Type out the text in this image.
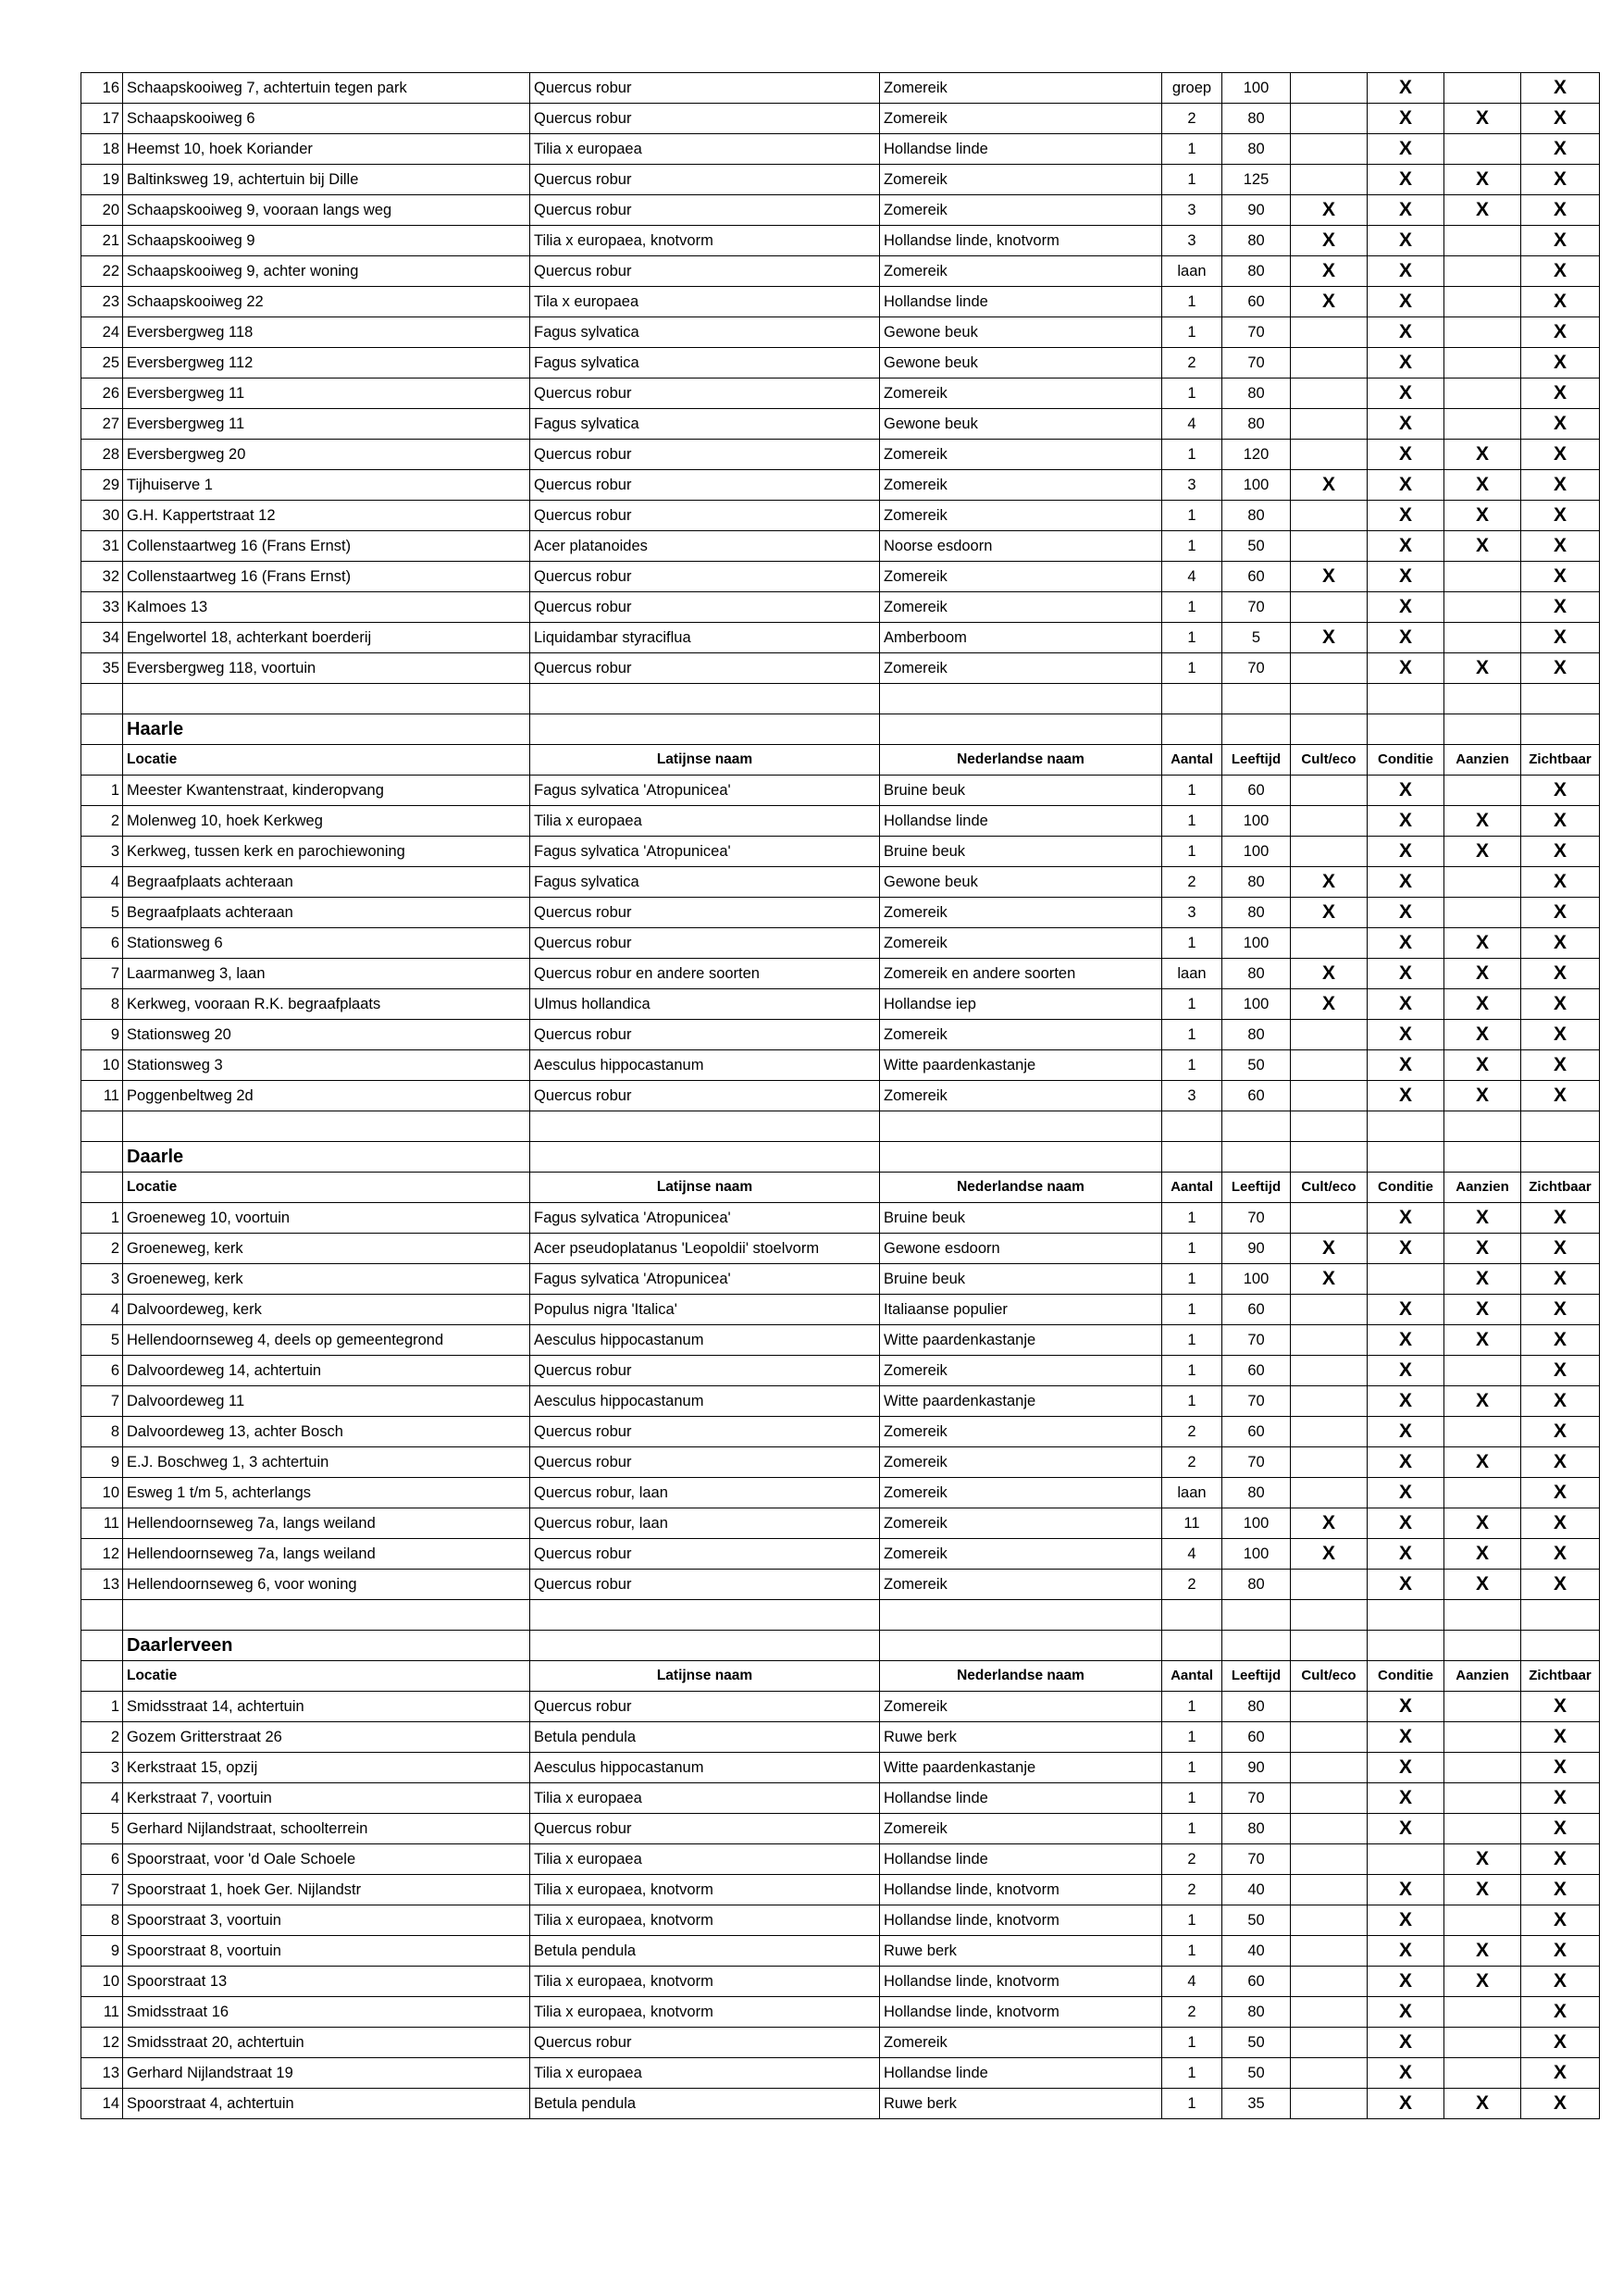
16	Schaapskooiweg 7, achtertuin tegen park	Quercus robur	Zomereik	groep	100		X		X
17	Schaapskooiweg 6	Quercus robur	Zomereik	2	80		X	X	X
18	Heemst 10, hoek Koriander	Tilia x europaea	Hollandse linde	1	80		X		X
19	Baltinksweg 19, achtertuin bij Dille	Quercus robur	Zomereik	1	125		X	X	X
20	Schaapskooiweg 9, vooraan langs weg	Quercus robur	Zomereik	3	90	X	X	X	X
21	Schaapskooiweg 9	Tilia x europaea, knotvorm	Hollandse linde, knotvorm	3	80	X	X		X
22	Schaapskooiweg 9, achter woning	Quercus robur	Zomereik	laan	80	X	X		X
23	Schaapskooiweg 22	Tila x europaea	Hollandse linde	1	60	X	X		X
24	Eversbergweg 118	Fagus sylvatica	Gewone beuk	1	70		X		X
25	Eversbergweg 112	Fagus sylvatica	Gewone beuk	2	70		X		X
26	Eversbergweg 11	Quercus robur	Zomereik	1	80		X		X
27	Eversbergweg 11	Fagus sylvatica	Gewone beuk	4	80		X		X
28	Eversbergweg 20	Quercus robur	Zomereik	1	120		X	X	X
29	Tijhuiserve 1	Quercus robur	Zomereik	3	100	X	X	X	X
30	G.H. Kappertstraat 12	Quercus robur	Zomereik	1	80		X	X	X
31	Collenstaartweg 16 (Frans Ernst)	Acer platanoides	Noorse esdoorn	1	50		X	X	X
32	Collenstaartweg 16 (Frans Ernst)	Quercus robur	Zomereik	4	60	X	X		X
33	Kalmoes 13	Quercus robur	Zomereik	1	70		X		X
34	Engelwortel 18, achterkant boerderij	Liquidambar styraciflua	Amberboom	1	5	X	X		X
35	Eversbergweg 118, voortuin	Quercus robur	Zomereik	1	70		X	X	X

	Haarle								
	Locatie	Latijnse naam	Nederlandse naam	Aantal	Leeftijd	Cult/eco	Conditie	Aanzien	Zichtbaar
1	Meester Kwantenstraat, kinderopvang	Fagus sylvatica 'Atropunicea'	Bruine beuk	1	60		X		X
2	Molenweg 10, hoek Kerkweg	Tilia x europaea	Hollandse linde	1	100		X	X	X
3	Kerkweg, tussen kerk en parochiewoning	Fagus sylvatica 'Atropunicea'	Bruine beuk	1	100		X	X	X
4	Begraafplaats achteraan	Fagus sylvatica	Gewone beuk	2	80	X	X		X
5	Begraafplaats achteraan	Quercus robur	Zomereik	3	80	X	X		X
6	Stationsweg 6	Quercus robur	Zomereik	1	100		X	X	X
7	Laarmanweg 3, laan	Quercus robur en andere soorten	Zomereik en andere soorten	laan	80	X	X	X	X
8	Kerkweg, vooraan R.K. begraafplaats	Ulmus hollandica	Hollandse iep	1	100	X	X	X	X
9	Stationsweg 20	Quercus robur	Zomereik	1	80		X	X	X
10	Stationsweg 3	Aesculus hippocastanum	Witte paardenkastanje	1	50		X	X	X
11	Poggenbeltweg 2d	Quercus robur	Zomereik	3	60		X	X	X

	Daarle								
	Locatie	Latijnse naam	Nederlandse naam	Aantal	Leeftijd	Cult/eco	Conditie	Aanzien	Zichtbaar
1	Groeneweg 10, voortuin	Fagus sylvatica 'Atropunicea'	Bruine beuk	1	70		X	X	X
2	Groeneweg, kerk	Acer pseudoplatanus 'Leopoldii' stoelvorm	Gewone esdoorn	1	90	X	X	X	X
3	Groeneweg, kerk	Fagus sylvatica 'Atropunicea'	Bruine beuk	1	100	X		X	X
4	Dalvoordeweg, kerk	Populus nigra 'Italica'	Italiaanse populier	1	60		X	X	X
5	Hellendoornseweg 4, deels op gemeentegrond	Aesculus hippocastanum	Witte paardenkastanje	1	70		X	X	X
6	Dalvoordeweg 14, achtertuin	Quercus robur	Zomereik	1	60		X		X
7	Dalvoordeweg 11	Aesculus hippocastanum	Witte paardenkastanje	1	70		X	X	X
8	Dalvoordeweg 13, achter Bosch	Quercus robur	Zomereik	2	60		X		X
9	E.J. Boschweg 1, 3 achtertuin	Quercus robur	Zomereik	2	70		X	X	X
10	Esweg 1 t/m 5, achterlangs	Quercus robur, laan	Zomereik	laan	80		X		X
11	Hellendoornseweg 7a, langs weiland	Quercus robur, laan	Zomereik	11	100	X	X	X	X
12	Hellendoornseweg 7a, langs weiland	Quercus robur	Zomereik	4	100	X	X	X	X
13	Hellendoornseweg 6, voor woning	Quercus robur	Zomereik	2	80		X	X	X

	Daarlerveen								
	Locatie	Latijnse naam	Nederlandse naam	Aantal	Leeftijd	Cult/eco	Conditie	Aanzien	Zichtbaar
1	Smidsstraat 14, achtertuin	Quercus robur	Zomereik	1	80		X		X
2	Gozem Gritterstraat 26	Betula pendula	Ruwe berk	1	60		X		X
3	Kerkstraat 15, opzij	Aesculus hippocastanum	Witte paardenkastanje	1	90		X		X
4	Kerkstraat 7, voortuin	Tilia x europaea	Hollandse linde	1	70		X		X
5	Gerhard Nijlandstraat, schoolterrein	Quercus robur	Zomereik	1	80		X		X
6	Spoorstraat, voor 'd Oale Schoele	Tilia x europaea	Hollandse linde	2	70			X	X
7	Spoorstraat 1, hoek Ger. Nijlandstr	Tilia x europaea, knotvorm	Hollandse linde, knotvorm	2	40		X	X	X
8	Spoorstraat 3, voortuin	Tilia x europaea, knotvorm	Hollandse linde, knotvorm	1	50		X		X
9	Spoorstraat 8, voortuin	Betula pendula	Ruwe berk	1	40		X	X	X
10	Spoorstraat 13	Tilia x europaea, knotvorm	Hollandse linde, knotvorm	4	60		X	X	X
11	Smidsstraat 16	Tilia x europaea, knotvorm	Hollandse linde, knotvorm	2	80		X		X
12	Smidsstraat 20, achtertuin	Quercus robur	Zomereik	1	50		X		X
13	Gerhard Nijlandstraat 19	Tilia x europaea	Hollandse linde	1	50		X		X
14	Spoorstraat 4, achtertuin	Betula pendula	Ruwe berk	1	35		X	X	X
